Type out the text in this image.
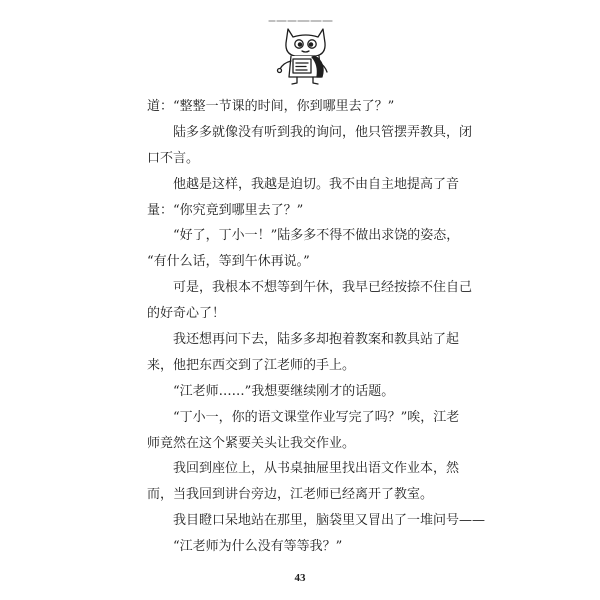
道：“整整一节课的时间，你到哪里去了？”
陆多多就像没有听到我的询问，他只管摆弄教具，闭
口不言。
他越是这样，我越是迫切。我不由自主地提高了音
量：“你究竟到哪里去了？”
“好了，丁小一！”陆多多不得不做出求饶的姿态，
“有什么话，等到午休再说。”
可是，我根本不想等到午休，我早已经按捺不住自己
的好奇心了！
我还想再问下去，陆多多却抱着教案和教具站了起
来，他把东西交到了江老师的手上。
“江老师……”我想要继续刚才的话题。
“丁小一，你的语文课堂作业写完了吗？”唉，江老
师竟然在这个紧要关头让我交作业。
我回到座位上，从书桌抽屉里找出语文作业本，然
而，当我回到讲台旁边，江老师已经离开了教室。
我目瞪口呆地站在那里，脑袋里又冒出了一堆问号——
“江老师为什么没有等等我？”
43
